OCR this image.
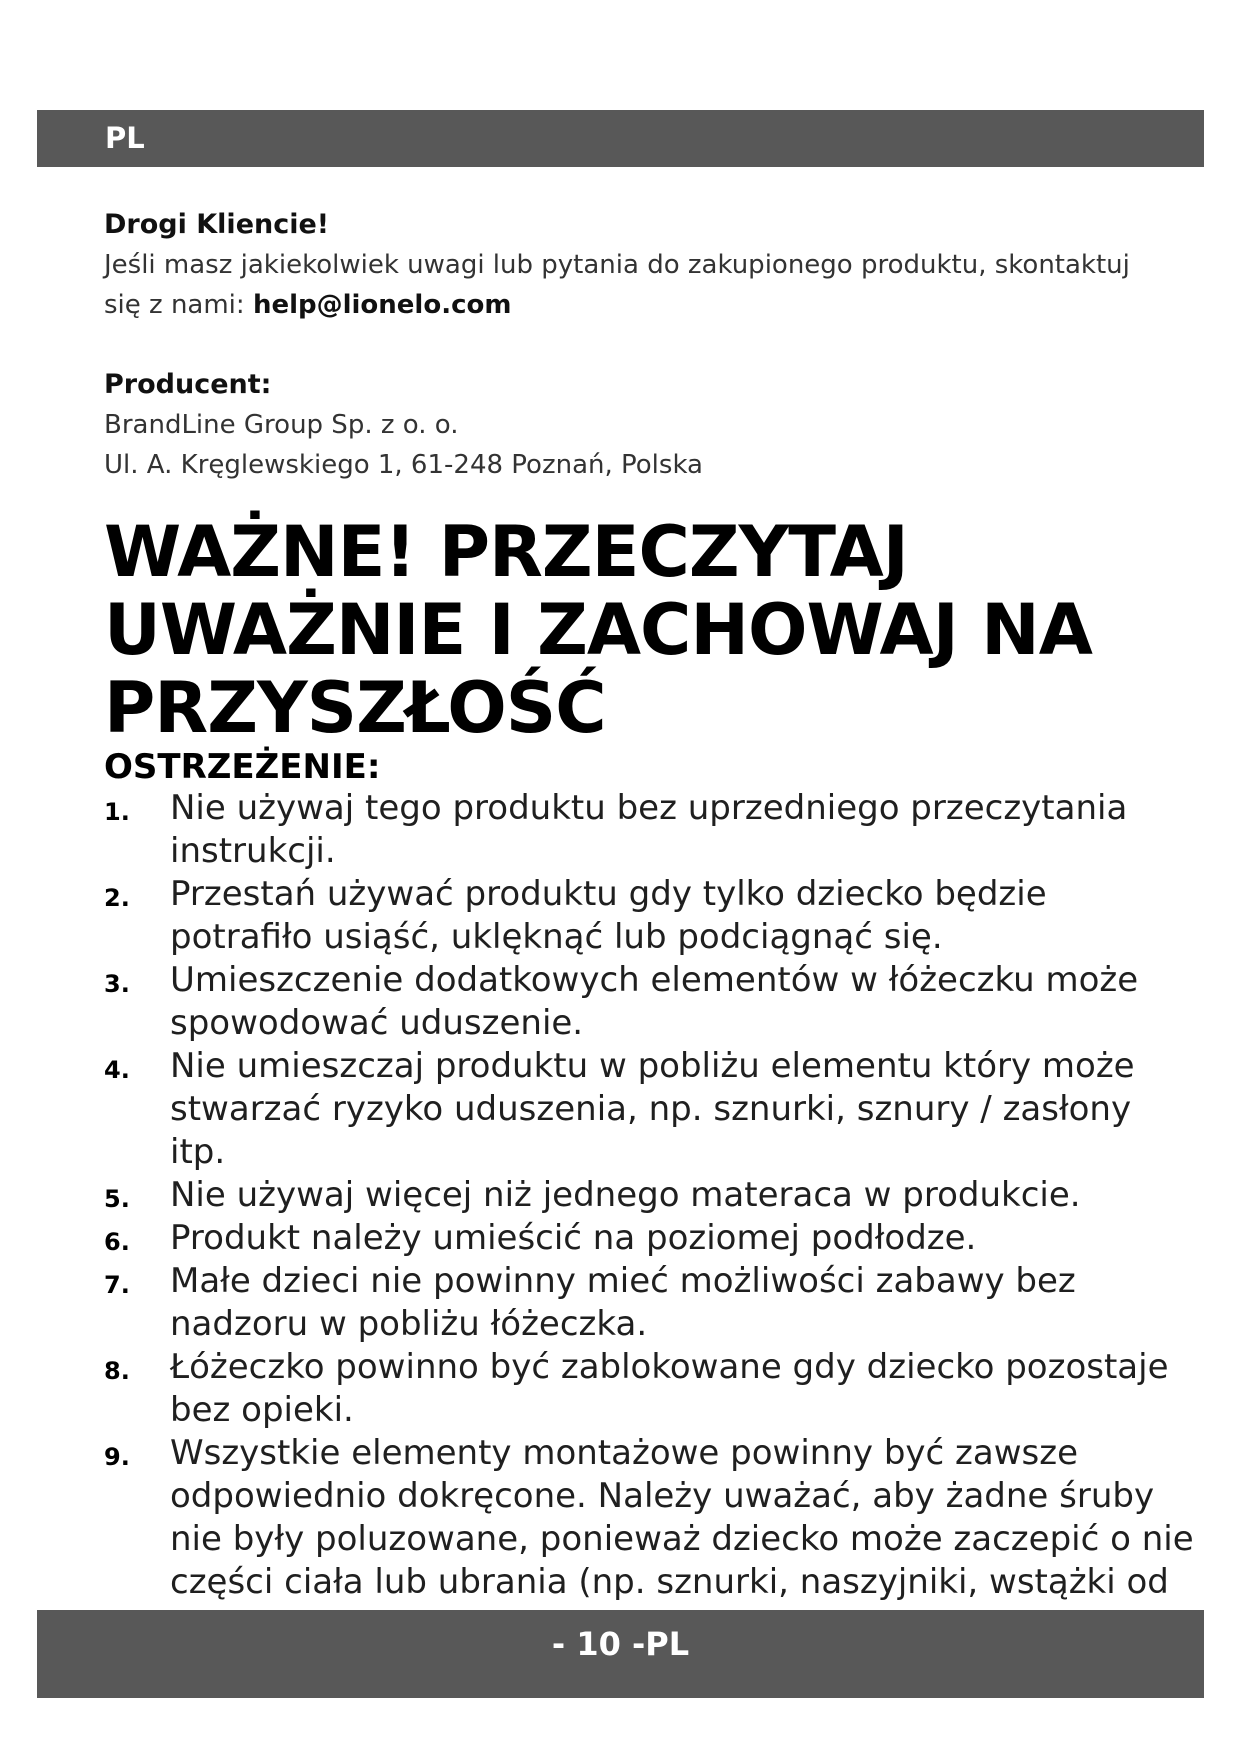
PL

Drogi Kliencie!

Jeśli masz jakiekolwiek uwagi lub pytania do zakupionego produktu, skontaktuj

się z nami: help@lionelo.com

Producent:

BrandLine Group Sp. z o. o.

Ul. A. Kręglewskiego 1, 61-248 Poznań, Polska

WAŻNE! PRZECZYTAJ
UWAŻNIE I ZACHOWAJ NA
PRZYSZŁOŚĆ
OSTRZEŻENIE:
1. Nie używaj tego produktu bez uprzedniego przeczytania instrukcji.
2. Przestań używać produktu gdy tylko dziecko będzie potrafiło usiąść, uklęknąć lub podciągnąć się.
3. Umieszczenie dodatkowych elementów w łóżeczku może spowodować uduszenie.
4. Nie umieszczaj produktu w pobliżu elementu który może stwarzać ryzyko uduszenia, np. sznurki, sznury / zasłony itp.
5. Nie używaj więcej niż jednego materaca w produkcie.
6. Produkt należy umieścić na poziomej podłodze.
7. Małe dzieci nie powinny mieć możliwości zabawy bez nadzoru w pobliżu łóżeczka.
8. Łóżeczko powinno być zablokowane gdy dziecko pozostaje bez opieki.
9. Wszystkie elementy montażowe powinny być zawsze odpowiednio dokręcone. Należy uważać, aby żadne śruby nie były poluzowane, ponieważ dziecko może zaczepić o nie części ciała lub ubrania (np. sznurki, naszyjniki, wstążki od
- 10 -PL
